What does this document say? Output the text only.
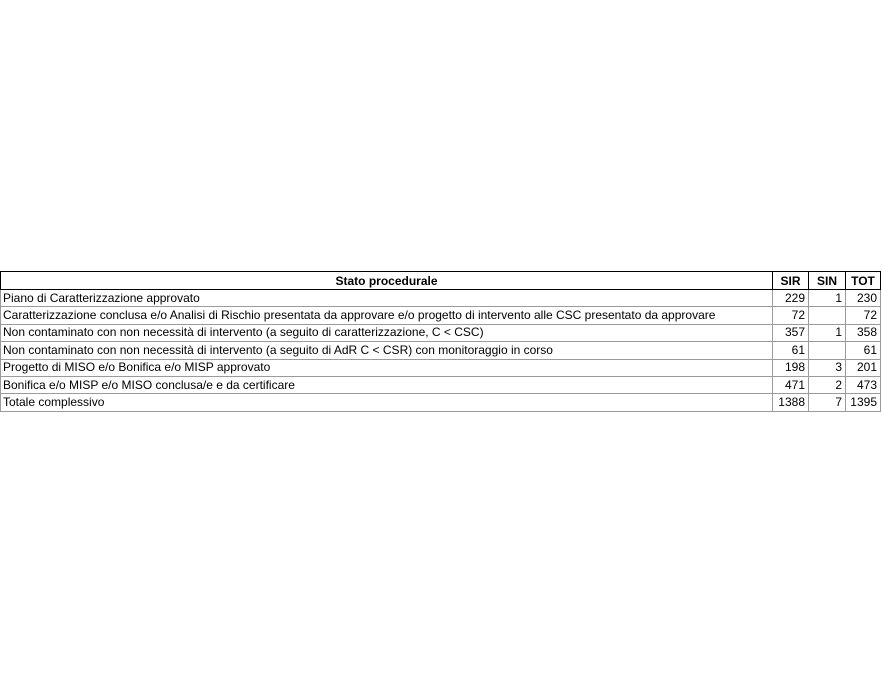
Stato procedurale	SIR	SIN	TOT
Piano di Caratterizzazione approvato	229	1	230
Caratterizzazione conclusa e/o Analisi di Rischio presentata da approvare e/o progetto di intervento alle CSC presentato da approvare	72		72
Non contaminato con non necessità di intervento (a seguito di caratterizzazione, C < CSC)	357	1	358
Non contaminato con non necessità di intervento (a seguito di AdR C < CSR) con monitoraggio in corso	61		61
Progetto di MISO e/o Bonifica e/o MISP approvato	198	3	201
Bonifica e/o MISP e/o MISO conclusa/e e da certificare	471	2	473
Totale complessivo	1388	7	1395
